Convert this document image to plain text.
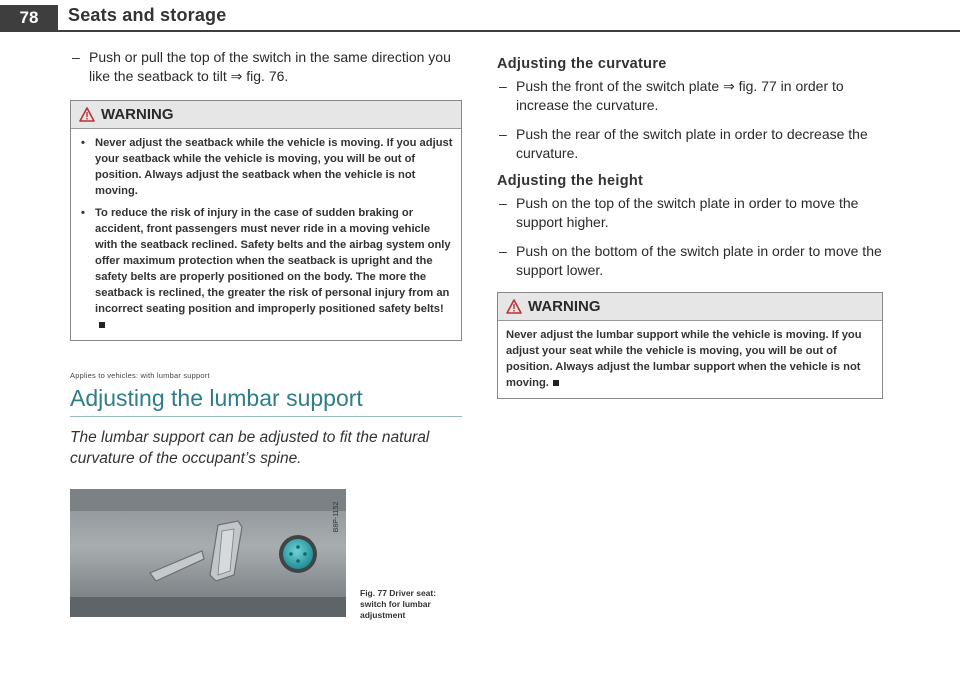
78	Seats and storage

– Push or pull the top of the switch in the same direction you like the seatback to tilt ⇒ fig. 76.

WARNING

• Never adjust the seatback while the vehicle is moving. If you adjust your seatback while the vehicle is moving, you will be out of position. Always adjust the seatback when the vehicle is not moving.

• To reduce the risk of injury in the case of sudden braking or accident, front passengers must never ride in a moving vehicle with the seatback reclined. Safety belts and the airbag system only offer maximum protection when the seatback is upright and the safety belts are properly positioned on the body. The more the seatback is reclined, the greater the risk of personal injury from an incorrect seating position and improperly positioned safety belts!

Applies to vehicles: with lumbar support

Adjusting the lumbar support

The lumbar support can be adjusted to fit the natural curvature of the occupant’s spine.

B8P-1152
Fig. 77 Driver seat: switch for lumbar adjustment
Adjusting the curvature

– Push the front of the switch plate ⇒ fig. 77 in order to increase the curvature.

– Push the rear of the switch plate in order to decrease the curvature.

Adjusting the height

– Push on the top of the switch plate in order to move the support higher.

– Push on the bottom of the switch plate in order to move the support lower.

WARNING

Never adjust the lumbar support while the vehicle is moving. If you adjust your seat while the vehicle is moving, you will be out of position. Always adjust the lumbar support when the vehicle is not moving.
